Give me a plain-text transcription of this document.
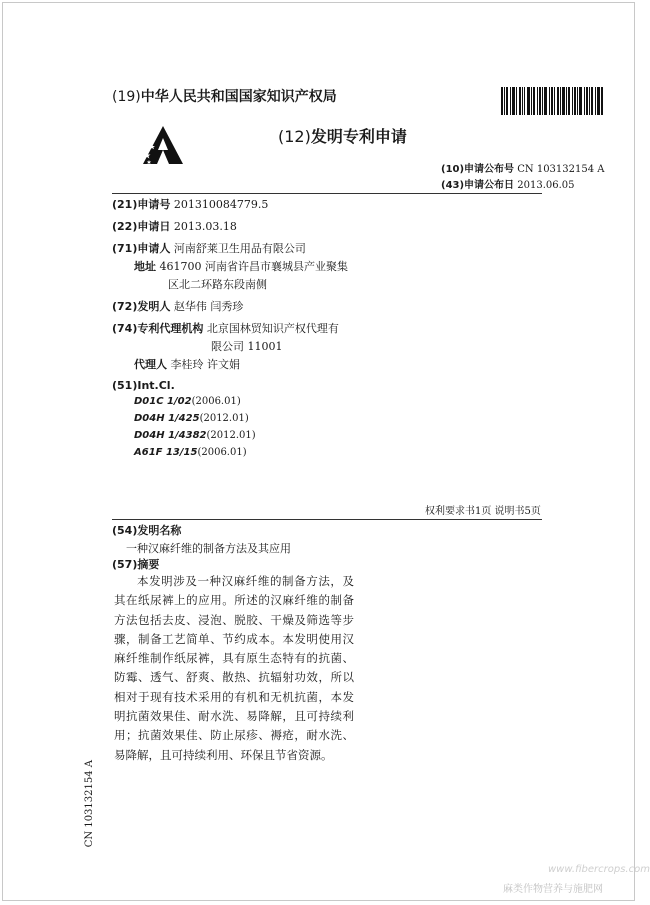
(19)中华人民共和国国家知识产权局
(12)发明专利申请
(10)申请公布号 CN 103132154 A
(43)申请公布日 2013.06.05
(21)申请号 201310084779.5
(22)申请日 2013.03.18
(71)申请人 河南舒莱卫生用品有限公司
地址 461700 河南省许昌市襄城县产业聚集
区北二环路东段南侧
(72)发明人 赵华伟 闫秀珍
(74)专利代理机构 北京国林贸知识产权代理有
限公司 11001
代理人 李桂玲 许文娟
(51)Int.Cl.
D01C 1/02(2006.01)
D04H 1/425(2012.01)
D04H 1/4382(2012.01)
A61F 13/15(2006.01)
权利要求书1页 说明书5页
(54)发明名称
一种汉麻纤维的制备方法及其应用
(57)摘要
本发明涉及一种汉麻纤维的制备方法，及其在纸尿裤上的应用。所述的汉麻纤维的制备方法包括去皮、浸泡、脱胶、干燥及筛选等步骤，制备工艺简单、节约成本。本发明使用汉麻纤维制作纸尿裤，具有原生态特有的抗菌、防霉、透气、舒爽、散热、抗辐射功效，所以相对于现有技术采用的有机和无机抗菌，本发明抗菌效果佳、耐水洗、易降解，且可持续利用；抗菌效果佳、防止尿疹、褥疮，耐水洗、易降解，且可持续利用、环保且节省资源。
CN 103132154 A
www.fibercrops.com
麻类作物营养与施肥网
